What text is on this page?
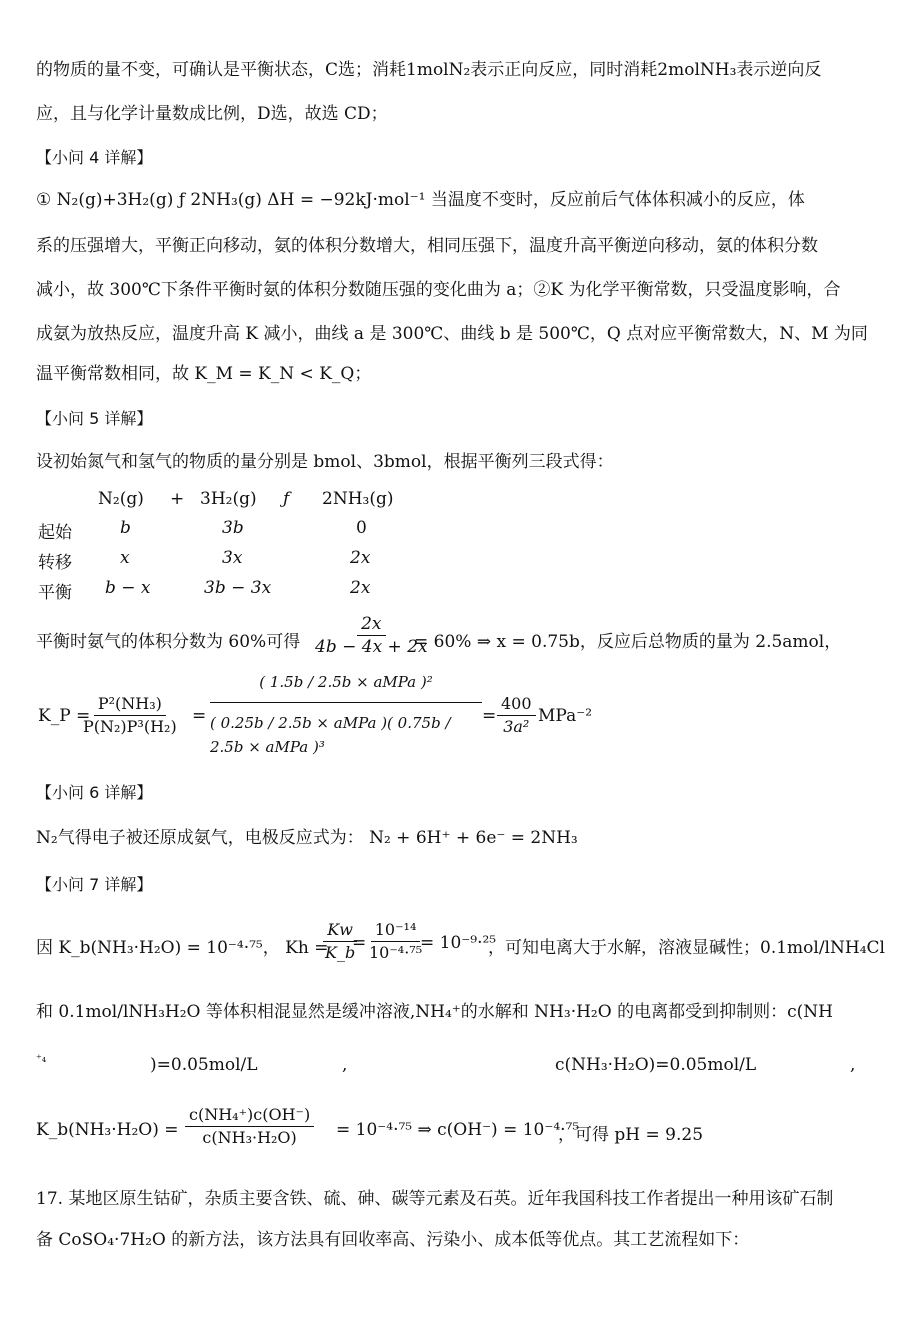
的物质的量不变，可确认是平衡状态，C选；消耗1molN₂表示正向反应，同时消耗2molNH₃表示逆向反
应，且与化学计量数成比例，D选，故选 CD；
【小问 4 详解】
① N₂(g)+3H₂(g) ƒ 2NH₃(g) ΔH = −92kJ·mol⁻¹ 当温度不变时，反应前后气体体积减小的反应，体
系的压强增大，平衡正向移动，氨的体积分数增大，相同压强下，温度升高平衡逆向移动，氨的体积分数
减小，故 300℃下条件平衡时氨的体积分数随压强的变化曲为 a；②K 为化学平衡常数，只受温度影响，合
成氨为放热反应，温度升高 K 减小，曲线 a 是 300℃、曲线 b 是 500℃，Q 点对应平衡常数大，N、M 为同
温平衡常数相同，故 K_M = K_N < K_Q；
【小问 5 详解】
设初始氮气和氢气的物质的量分别是 bmol、3bmol，根据平衡列三段式得：
N₂(g) + 3H₂(g) ƒ 2NH₃(g)
起始	b	3b	0
转移	x	3x	2x
平衡 b − x	3b − 3x	2x
平衡时氨气的体积分数为 60%可得 $\frac{2x}{4b - 4x + 2x}$
= 60% ⇒ x = 0.75b，反应后总物质的量为 2.5amol，
K_P =
$\frac{\text{P²(NH₃)}}{\text{P(N₂)P³(H₂)}}$ =
( 1.5b / 2.5b × aMPa )²
( 0.25b / 2.5b × aMPa )( 0.75b / 2.5b × aMPa )³
= $\frac{400}{\text{3a²}} MPa^{-2}$
【小问 6 详解】
N₂气得电子被还原成氨气，电极反应式为： N₂ + 6H⁺ + 6e⁻ = 2NH₃
【小问 7 详解】
因 K_b(NH₃·H₂O) = 10⁻⁴·⁷⁵， Kh =
$\frac{Kw}{K\_b}$
=
$\frac{\text{10⁻¹⁴}}{\text{10⁻⁴·⁷⁵}}$
= 10⁻⁹·²⁵
，可知电离大于水解，溶液显碱性；0.1mol/lNH₄Cl
和 0.1mol/lNH₃H₂O 等体积相混显然是缓冲溶液,NH₄⁺的水解和 NH₃·H₂O 的电离都受到抑制则：c(NH
⁺₄	)=0.05mol/L	,	c(NH₃·H₂O)=0.05mol/L	,
K_b(NH₃·H₂O) = $\frac{\text{c(NH₄⁺)c(OH⁻)}}{\text{c(NH₃·H₂O)}} = 10^{-4}\cdot^{75}$ ⇒ c(OH⁻) = 10⁻⁴·⁷⁵
，可得 pH = 9.25
17. 某地区原生钴矿，杂质主要含铁、硫、砷、碳等元素及石英。近年我国科技工作者提出一种用该矿石制
备 CoSO₄·7H₂O 的新方法，该方法具有回收率高、污染小、成本低等优点。其工艺流程如下：
